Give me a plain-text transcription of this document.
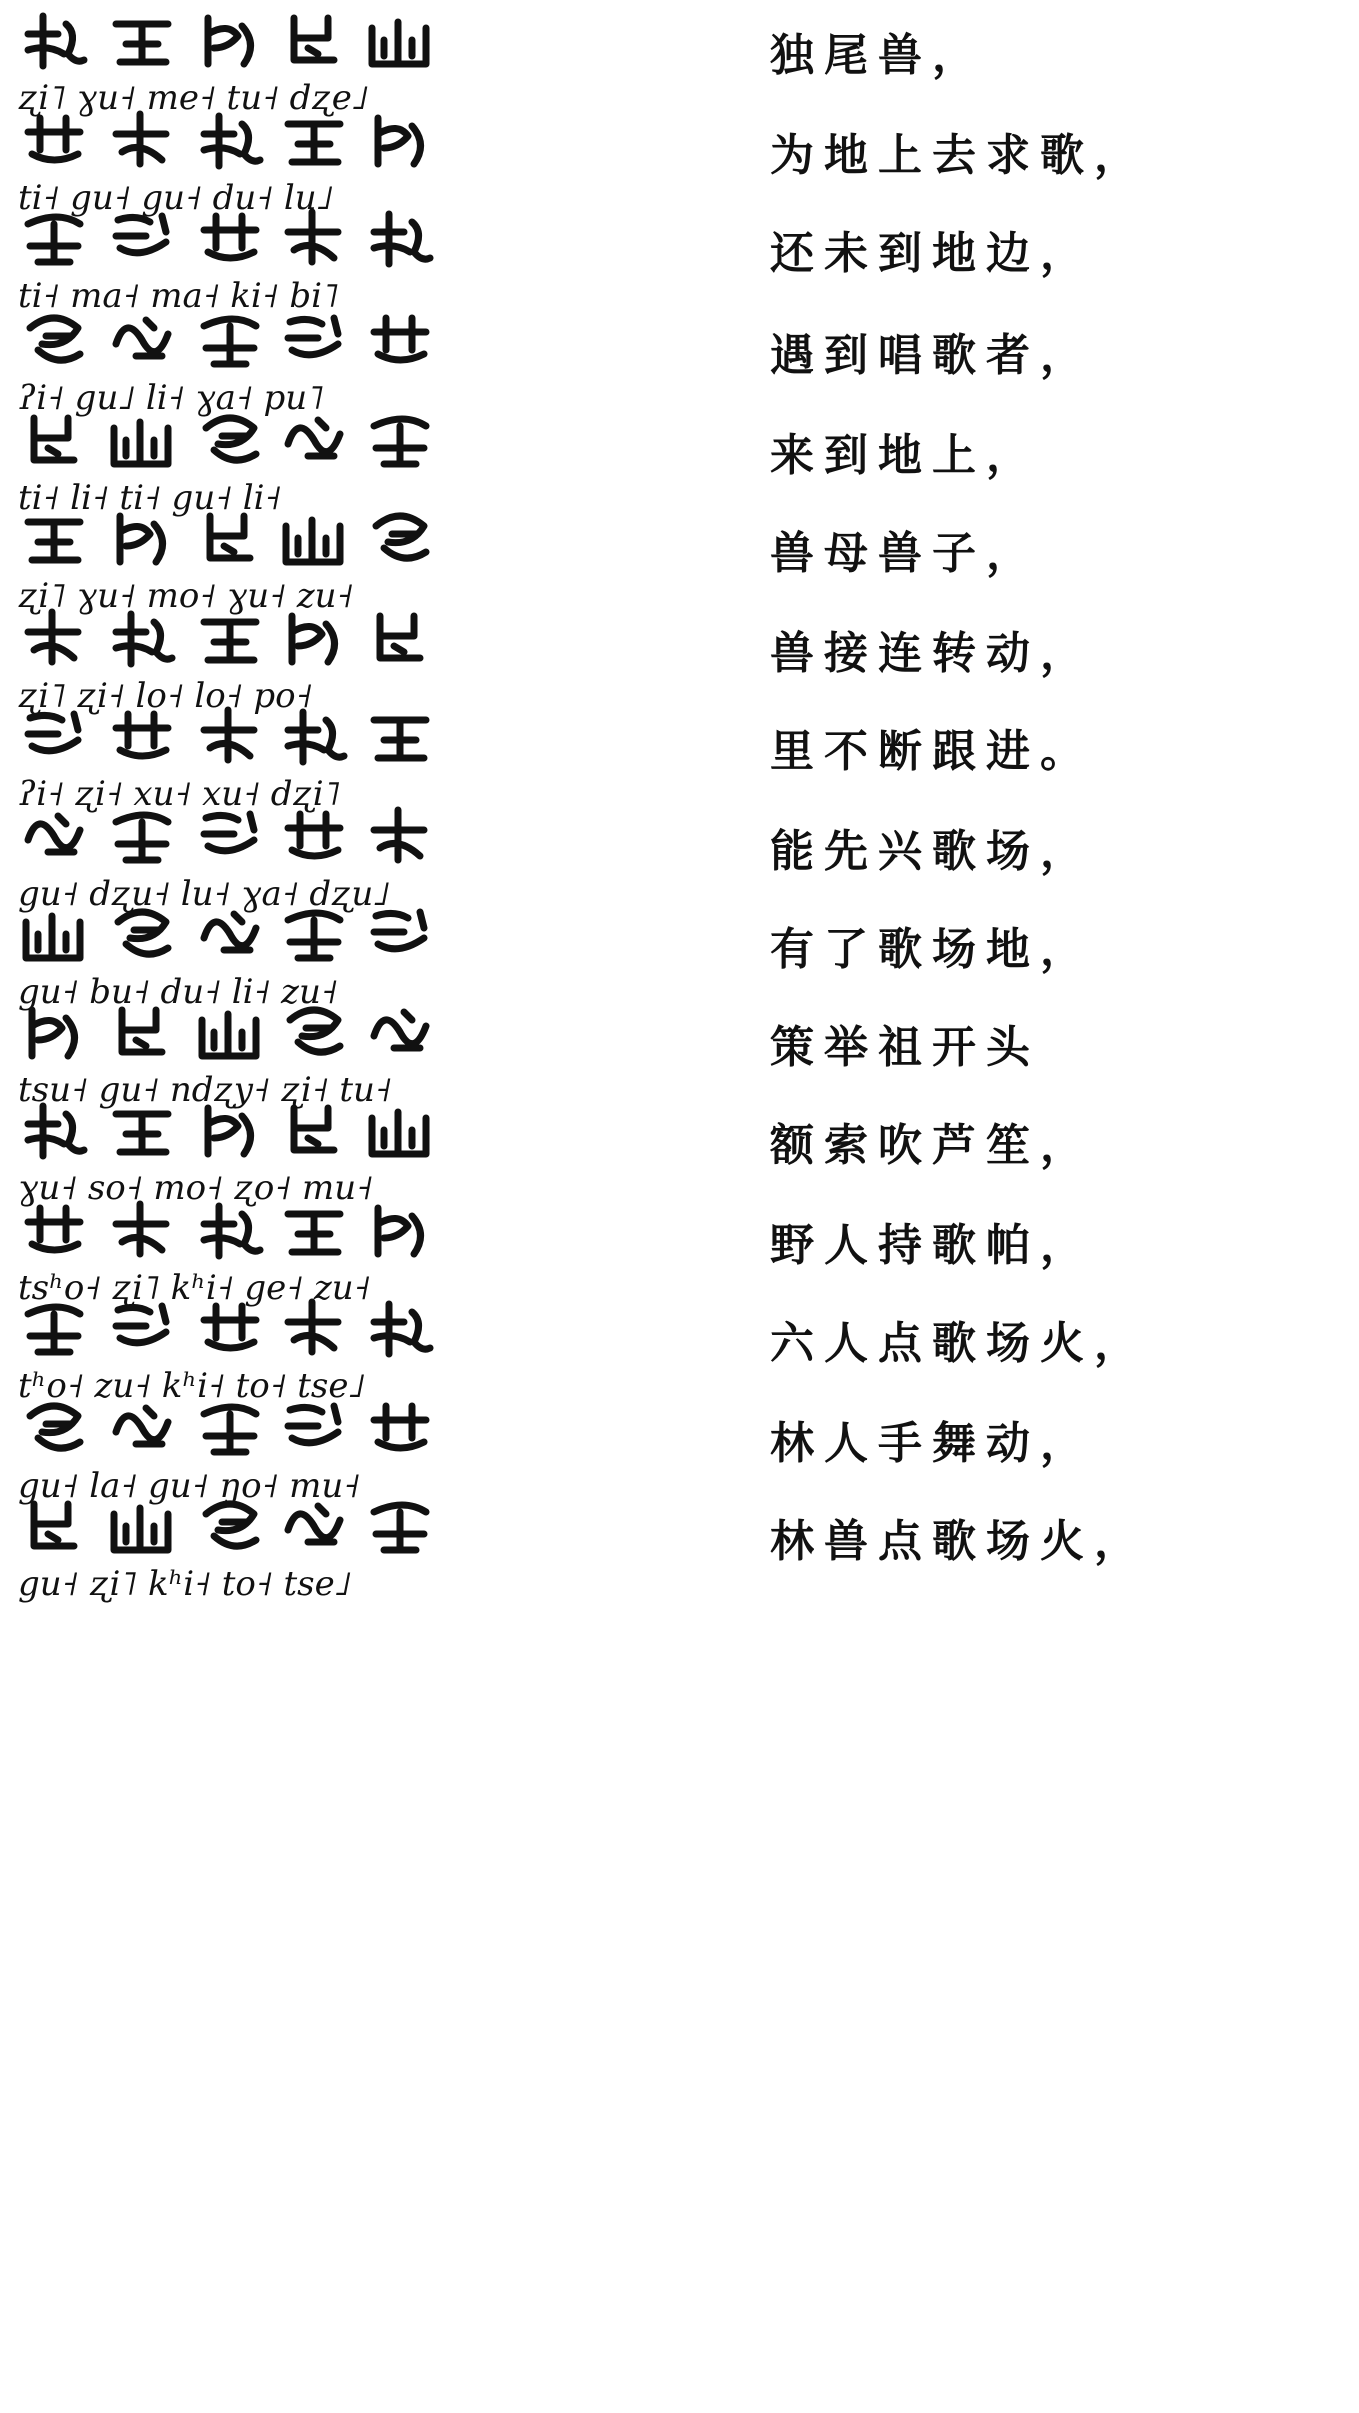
ʐi˥ ɣu˧ me˧ tu˧ dʐe˩
独尾兽，
ti˧ gu˧ gu˧ du˧ lu˩
为地上去求歌，
ti˧ ma˧ ma˧ ki˧ bi˥
还未到地边，
ʔi˧ gu˩ li˧ ɣa˧ pu˥
遇到唱歌者，
ti˧ li˧ ti˧ gu˧ li˧
来到地上，
ʐi˥ ɣu˧ mo˧ ɣu˧ zu˧
兽母兽子，
ʐi˥ ʐi˧ lo˧ lo˧ po˧
兽接连转动，
ʔi˧ ʐi˧ xu˧ xu˧ dʐi˥
里不断跟进。
gu˧ dʐu˧ lu˧ ɣa˧ dʐu˩
能先兴歌场，
gu˧ bu˧ du˧ li˧ zu˧
有了歌场地，
tsu˧ gu˧ ndʐy˧ ʐi˧ tu˧
策举祖开头
ɣu˧ so˧ mo˧ ʐo˧ mu˧
额索吹芦笙，
tsʰo˧ ʐi˥ kʰi˧ ge˧ zu˧
野人持歌帕，
tʰo˧ zu˧ kʰi˧ to˧ tse˩
六人点歌场火，
gu˧ la˧ gu˧ ŋo˧ mu˧
林人手舞动，
gu˧ ʐi˥ kʰi˧ to˧ tse˩
林兽点歌场火，
